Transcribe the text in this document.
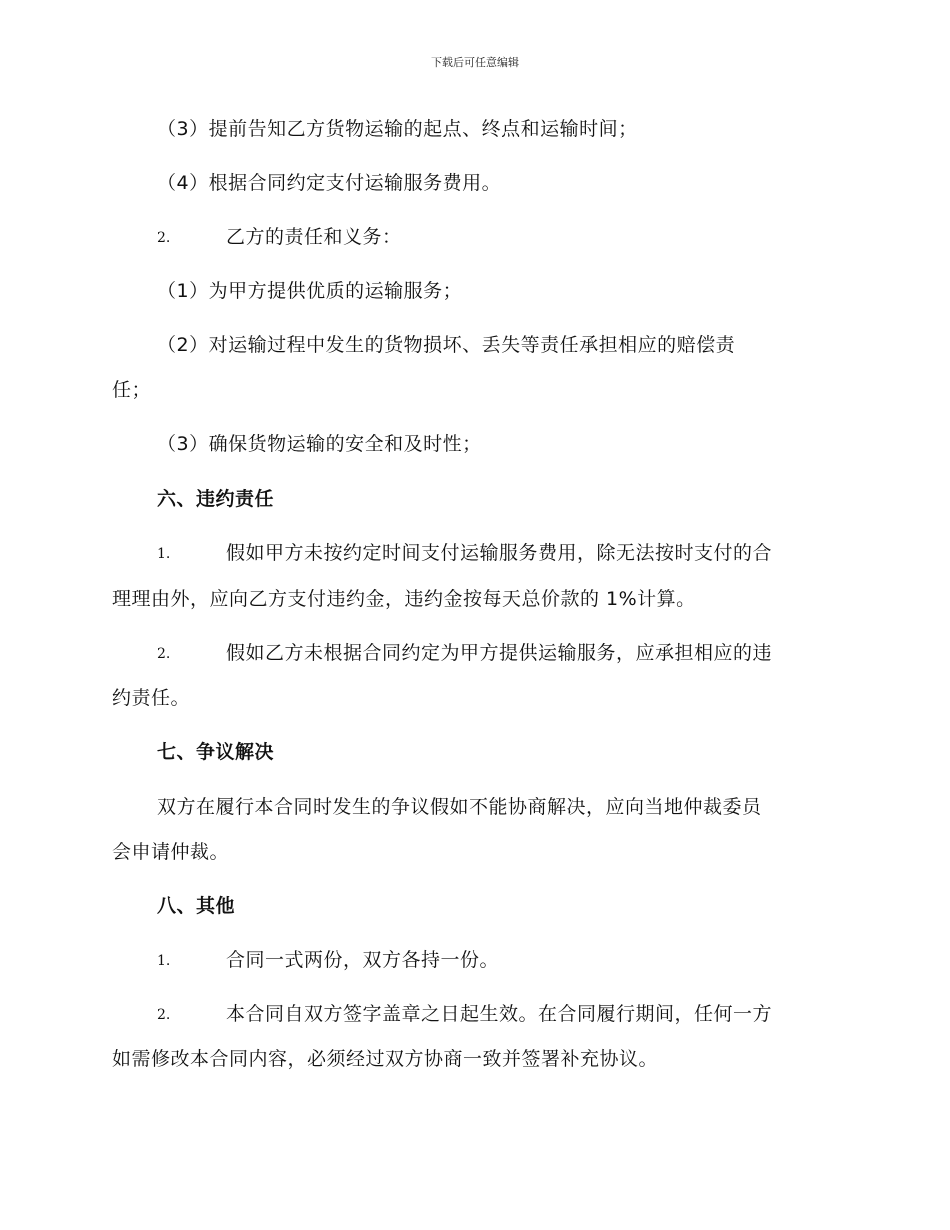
下载后可任意编辑
（3）提前告知乙方货物运输的起点、终点和运输时间；
（4）根据合同约定支付运输服务费用。
2.	乙方的责任和义务：
（1）为甲方提供优质的运输服务；
（2）对运输过程中发生的货物损坏、丢失等责任承担相应的赔偿责
任；
（3）确保货物运输的安全和及时性；
六、违约责任
1.	假如甲方未按约定时间支付运输服务费用，除无法按时支付的合
理理由外，应向乙方支付违约金，违约金按每天总价款的 1%计算。
2.	假如乙方未根据合同约定为甲方提供运输服务，应承担相应的违
约责任。
七、争议解决
双方在履行本合同时发生的争议假如不能协商解决，应向当地仲裁委员
会申请仲裁。
八、其他
1.	合同一式两份，双方各持一份。
2.	本合同自双方签字盖章之日起生效。在合同履行期间，任何一方
如需修改本合同内容，必须经过双方协商一致并签署补充协议。
